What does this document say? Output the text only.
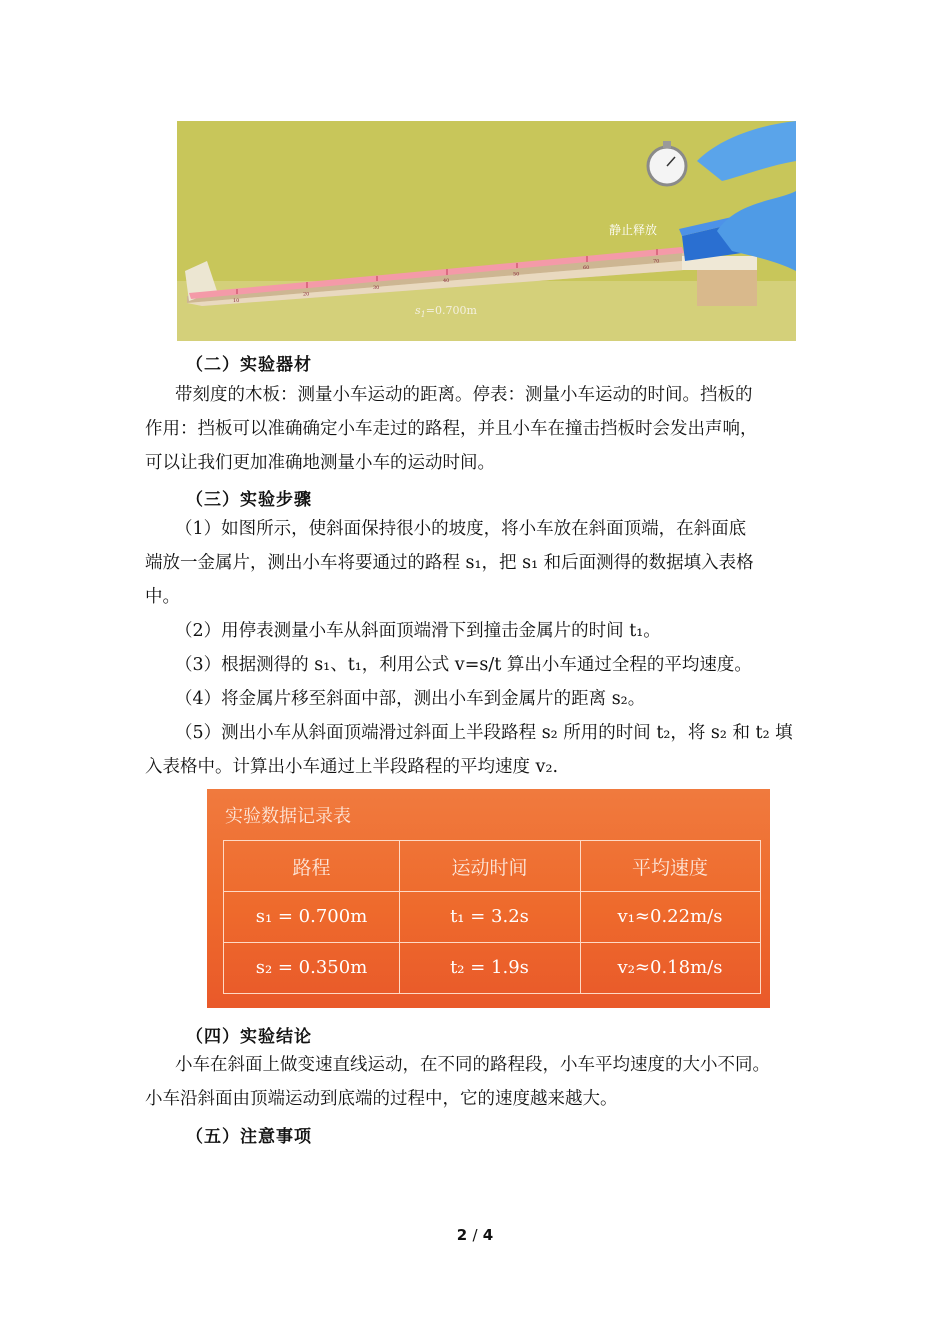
静止释放
$s_1=0.700m$
10
20
30
40
50
60
70
（二）实验器材
带刻度的木板：测量小车运动的距离。停表：测量小车运动的时间。挡板的
作用：挡板可以准确确定小车走过的路程，并且小车在撞击挡板时会发出声响，
可以让我们更加准确地测量小车的运动时间。
（三）实验步骤
（1）如图所示，使斜面保持很小的坡度，将小车放在斜面顶端，在斜面底
端放一金属片，测出小车将要通过的路程 s₁，把 s₁ 和后面测得的数据填入表格
中。
（2）用停表测量小车从斜面顶端滑下到撞击金属片的时间 t₁。
（3）根据测得的 s₁、t₁，利用公式 v=s/t 算出小车通过全程的平均速度。
（4）将金属片移至斜面中部，测出小车到金属片的距离 s₂。
（5）测出小车从斜面顶端滑过斜面上半段路程 s₂ 所用的时间 t₂，将 s₂ 和 t₂ 填
入表格中。计算出小车通过上半段路程的平均速度 v₂.
实验数据记录表
路程	运动时间	平均速度
s₁ = 0.700m	t₁ = 3.2s	v₁≈0.22m/s
s₂ = 0.350m	t₂ = 1.9s	v₂≈0.18m/s
（四）实验结论
小车在斜面上做变速直线运动，在不同的路程段，小车平均速度的大小不同。
小车沿斜面由顶端运动到底端的过程中，它的速度越来越大。
（五）注意事项
2 / 4
